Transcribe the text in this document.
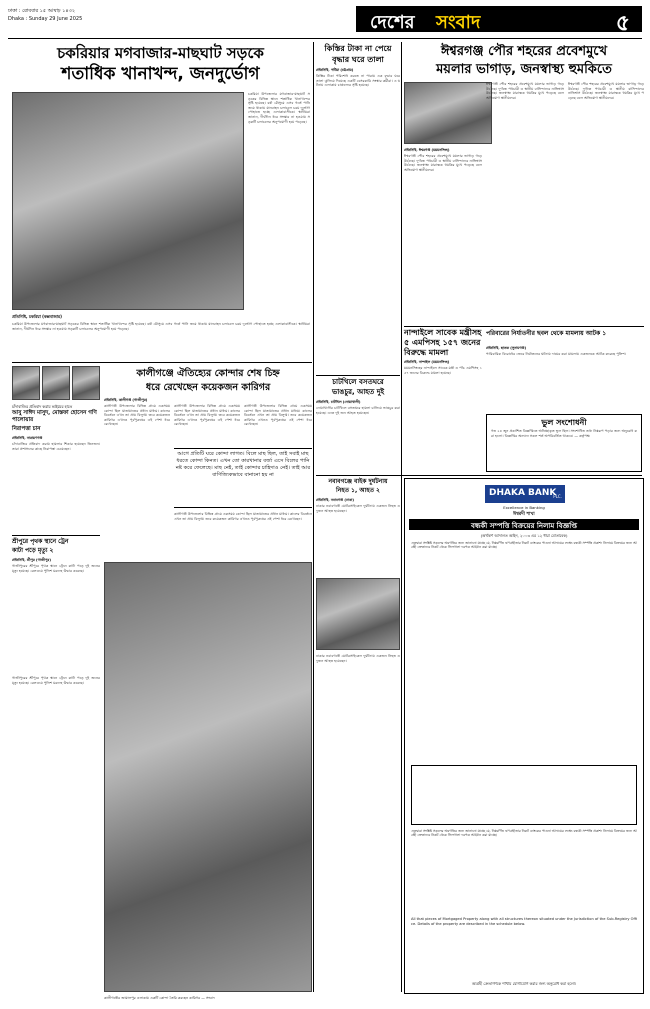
ঢাকা : রোববার ১৫ আষাঢ় ১৪৩২
Dhaka : Sunday 29 June 2025	দেশের সংবাদ	৫
চকরিয়ার মগবাজার-মাছঘাট সড়কে
শতাধিক খানাখন্দ, জনদুর্ভোগ
চকরিয়া উপজেলার মগবাজার-মাছঘাট সড়কের বিভিন্ন স্থানে শতাধিক খানাখন্দের সৃষ্টি হয়েছে। বর্ষা মৌসুমে এসব গর্তে পানি জমে থাকায় যানবাহন চলাচলে চরম দুর্ভোগ পোহাতে হচ্ছে এলাকাবাসীকে। স্থানীয়রা জানান, দীর্ঘদিন ধরে সংস্কার না হওয়ায় সড়কটি চলাচলের অনুপযোগী হয়ে পড়েছে।
প্রতিনিধি, চকরিয়া (কক্সবাজার)
চকরিয়া উপজেলার মগবাজার-মাছঘাট সড়কের বিভিন্ন স্থানে শতাধিক খানাখন্দের সৃষ্টি হয়েছে। বর্ষা মৌসুমে এসব গর্তে পানি জমে থাকায় যানবাহন চলাচলে চরম দুর্ভোগ পোহাতে হচ্ছে এলাকাবাসীকে। স্থানীয়রা জানান, দীর্ঘদিন ধরে সংস্কার না হওয়ায় সড়কটি চলাচলের অনুপযোগী হয়ে পড়েছে।
কিস্তির টাকা না পেয়ে
বৃদ্ধার ঘরে তালা
প্রতিনিধি, পটিয়া (চট্টগ্রাম)
কিস্তির টাকা পরিশোধ করতে না পারায় এক বৃদ্ধার ঘরে তালা ঝুলিয়ে দিয়েছে একটি বেসরকারি সংস্থার কর্মীরা। এ ঘটনায় এলাকায় চাঞ্চল্যের সৃষ্টি হয়েছে।
ঈশ্বরগঞ্জ পৌর শহরের প্রবেশমুখে
ময়লার ভাগাড়, জনস্বাস্থ্য হুমকিতে
প্রতিনিধি, ঈশ্বরগঞ্জ (ময়মনসিংহ)
ঈশ্বরগঞ্জ পৌর শহরের প্রবেশমুখে ময়লার ভাগাড় গড়ে উঠেছে। দুর্গন্ধে পথচারী ও স্থানীয় বাসিন্দাদের নাভিশ্বাস উঠেছে। জনস্বাস্থ্য মারাত্মক হুমকির মুখে পড়েছে বলে অভিযোগ স্থানীয়দের।
ঈশ্বরগঞ্জ পৌর শহরের প্রবেশমুখে ময়লার ভাগাড় গড়ে উঠেছে। দুর্গন্ধে পথচারী ও স্থানীয় বাসিন্দাদের নাভিশ্বাস উঠেছে। জনস্বাস্থ্য মারাত্মক হুমকির মুখে পড়েছে বলে অভিযোগ স্থানীয়দের।
ঈশ্বরগঞ্জ পৌর শহরের প্রবেশমুখে ময়লার ভাগাড় গড়ে উঠেছে। দুর্গন্ধে পথচারী ও স্থানীয় বাসিন্দাদের নাভিশ্বাস উঠেছে। জনস্বাস্থ্য মারাত্মক হুমকির মুখে পড়েছে বলে অভিযোগ স্থানীয়দের।
নান্দাইলে সাবেক মন্ত্রীসহ
৫ এমপিসহ ১৫৭ জনের
বিরুদ্ধে মামলা
প্রতিনিধি, নান্দাইল (ময়মনসিংহ)
পরিবারের নির্যাতনীর ছবল থেকে মামলায় আটক ১
প্রতিনিধি, ছাতক (সুনামগঞ্জ)
পারিবারিক বিরোধের জেরে নির্যাতনের ঘটনায় দায়ের করা মামলায় একজনকে আটক করেছে পুলিশ।
ভুল সংশোধনী
গত ২৪ জুন প্রকাশিত বিজ্ঞপ্তিতে অনিচ্ছাকৃত ভুল ছিল। সংশোধিত তথ্য নিম্নরূপ পড়ার জন্য অনুরোধ করা হলো। বিজ্ঞপ্তির অন্যান্য সকল শর্ত অপরিবর্তিত থাকবে। — কর্তৃপক্ষ
চাটখিলে বসতঘরে
ভাঙচুর, আহত দুই
প্রতিনিধি, চাটখিল (নোয়াখালী)
নোয়াখালীর চাটখিলে বসতঘরে হামলা চালিয়ে ভাঙচুর করা হয়েছে। এতে দুই জন আহত হয়েছেন।
ময়মনসিংহের নান্দাইলে সাবেক মন্ত্রী ও পাঁচ এমপিসহ ১৫৭ জনের বিরুদ্ধে মামলা হয়েছে।
চাঁদাবাজির প্রতিবাদ করায় ভাইয়ের হাতে
আবু সাঈদ মাসুদ, মোস্তফা হোসেন গণি পালোয়ার
নিরাপত্তা চান
প্রতিনিধি, নারায়ণগঞ্জ
চাঁদাবাজির প্রতিবাদ করায় হামলার শিকার হয়েছেন তিনজন। তারা প্রশাসনের কাছে নিরাপত্তা চেয়েছেন।
কালীগঞ্জে ঐতিহ্যের কোন্দার শেষ চিহ্ন
ধরে রেখেছেন কয়েকজন কারিগর
প্রতিনিধি, কালীগঞ্জ (গাজীপুর)
কালীগঞ্জ উপজেলার বিভিন্ন গ্রামে একসময় কোন্দা ছিল যাতায়াতের প্রধান মাধ্যম। কালের বিবর্তনে এখন তা প্রায় বিলুপ্ত। তবে কয়েকজন কারিগর এখনও পূর্বপুরুষের এই পেশা ধরে রেখেছেন।
কালীগঞ্জ উপজেলার বিভিন্ন গ্রামে একসময় কোন্দা ছিল যাতায়াতের প্রধান মাধ্যম। কালের বিবর্তনে এখন তা প্রায় বিলুপ্ত। তবে কয়েকজন কারিগর এখনও পূর্বপুরুষের এই পেশা ধরে রেখেছেন।
কালীগঞ্জ উপজেলার বিভিন্ন গ্রামে একসময় কোন্দা ছিল যাতায়াতের প্রধান মাধ্যম। কালের বিবর্তনে এখন তা প্রায় বিলুপ্ত। তবে কয়েকজন কারিগর এখনও পূর্বপুরুষের এই পেশা ধরে রেখেছেন।
আগে প্রতিটি ঘরে কোন্দা লাগত। বিলে মাছ ছিল, তাই সবাই মাছ ধরতে কোন্দা কিনত। এখন তো কারখানার বর্জ্য এসে বিলের পানি নষ্ট করে ফেলেছে। মাছ নেই, তাই কোন্দার চাহিদাও নেই। তাই আর বাণিজ্যিকভাবে বানানো হয় না
কালীগঞ্জ উপজেলার বিভিন্ন গ্রামে একসময় কোন্দা ছিল যাতায়াতের প্রধান মাধ্যম। কালের বিবর্তনে এখন তা প্রায় বিলুপ্ত। তবে কয়েকজন কারিগর এখনও পূর্বপুরুষের এই পেশা ধরে রেখেছেন।
শ্রীপুরে পৃথক স্থানে ট্রেন
কাটা পড়ে মৃত্যু ২
প্রতিনিধি, শ্রীপুর (গাজীপুর)
গাজীপুরের শ্রীপুরে পৃথক স্থানে ট্রেনে কাটা পড়ে দুই জনের মৃত্যু হয়েছে। রেলওয়ে পুলিশ মরদেহ উদ্ধার করেছে।
কালীগঞ্জের জামালপুর এলাকায় একটি কোন্দা তৈরি করছেন কারিগর — সংবাদ
গাজীপুরের শ্রীপুরে পৃথক স্থানে ট্রেনে কাটা পড়ে দুই জনের মৃত্যু হয়েছে। রেলওয়ে পুলিশ মরদেহ উদ্ধার করেছে।
নবাবগঞ্জে বাইক দুর্ঘটনায়
নিহত ১, আহত ২
প্রতিনিধি, নবাবগঞ্জ (ঢাকা)
ঢাকার নবাবগঞ্জে মোটরসাইকেল দুর্ঘটনায় একজন নিহত ও দুজন আহত হয়েছেন।
ঢাকার নবাবগঞ্জে মোটরসাইকেল দুর্ঘটনায় একজন নিহত ও দুজন আহত হয়েছেন।
DHAKA BANK
PLC.
Excellence in Banking
ঈশ্বরদী শাখা
বন্ধকী সম্পত্তি বিক্রয়ের নিলাম বিজ্ঞপ্তি
(অর্থঋণ আদালত আইন, ২০০৩ এর ১২ ধারা মোতাবেক)
এতদ্বারা সংশ্লিষ্ট সকলের অবগতির জন্য জানানো যাচ্ছে যে, নিম্নবর্ণিত ঋণগ্রহীতার নিকট ব্যাংকের পাওনা আদায়ের লক্ষ্যে বন্ধকী সম্পত্তি প্রকাশ্য নিলামে বিক্রয়ের জন্য আগ্রহী ক্রেতাদের নিকট থেকে সিলগালা দরপত্র আহ্বান করা যাচ্ছে।
এতদ্বারা সংশ্লিষ্ট সকলের অবগতির জন্য জানানো যাচ্ছে যে, নিম্নবর্ণিত ঋণগ্রহীতার নিকট ব্যাংকের পাওনা আদায়ের লক্ষ্যে বন্ধকী সম্পত্তি প্রকাশ্য নিলামে বিক্রয়ের জন্য আগ্রহী ক্রেতাদের নিকট থেকে সিলগালা দরপত্র আহ্বান করা যাচ্ছে।
All that pieces of Mortgaged Property along with all structures thereon situated under the Jurisdiction of the Sub-Registry Office. Details of the property are described in the schedule below.
আগ্রহী ক্রেতাগণকে শাখায় যোগাযোগ করার জন্য অনুরোধ করা হলো।
